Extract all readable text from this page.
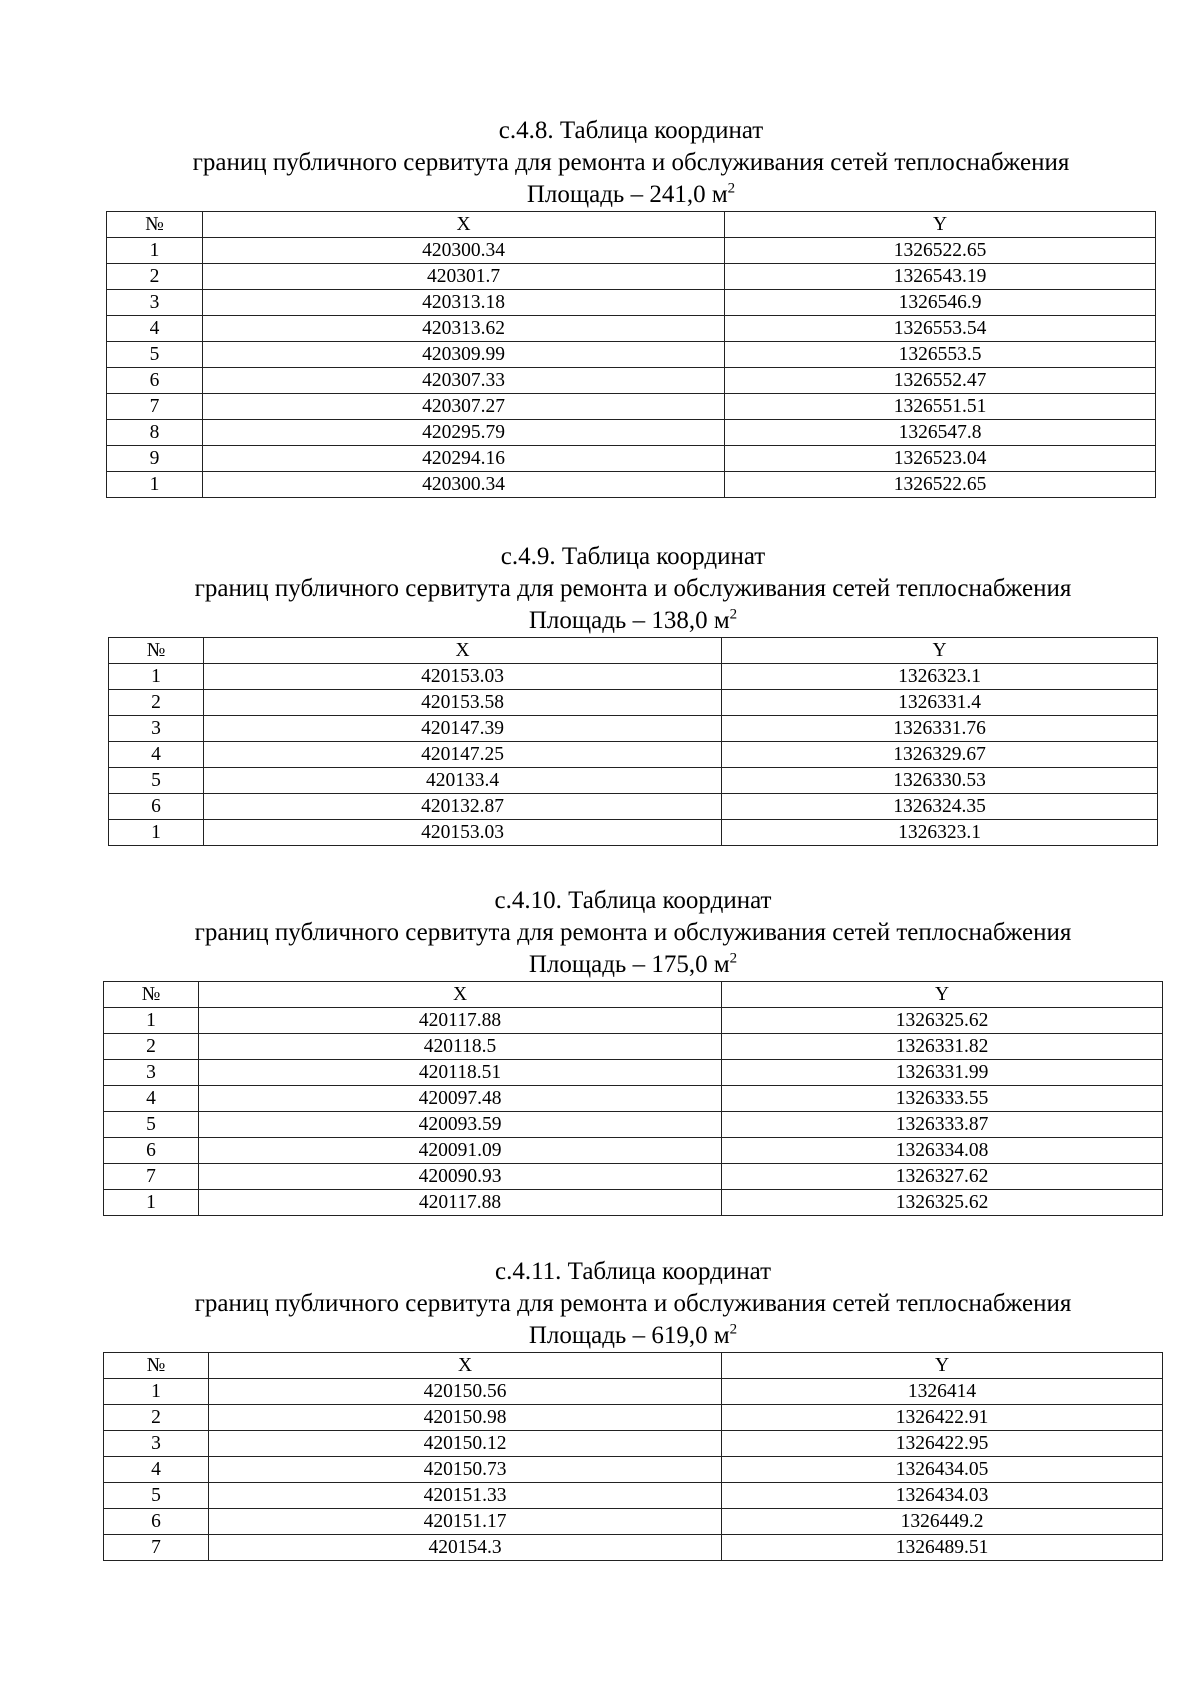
с.4.8. Таблица координат
границ публичного сервитута для ремонта и обслуживания сетей теплоснабжения
Площадь – 241,0 $м^2$
№	X	Y
1	420300.34	1326522.65
2	420301.7	1326543.19
3	420313.18	1326546.9
4	420313.62	1326553.54
5	420309.99	1326553.5
6	420307.33	1326552.47
7	420307.27	1326551.51
8	420295.79	1326547.8
9	420294.16	1326523.04
1	420300.34	1326522.65
с.4.9. Таблица координат
границ публичного сервитута для ремонта и обслуживания сетей теплоснабжения
Площадь – 138,0 $м^2$
№	X	Y
1	420153.03	1326323.1
2	420153.58	1326331.4
3	420147.39	1326331.76
4	420147.25	1326329.67
5	420133.4	1326330.53
6	420132.87	1326324.35
1	420153.03	1326323.1
с.4.10. Таблица координат
границ публичного сервитута для ремонта и обслуживания сетей теплоснабжения
Площадь – 175,0 $м^2$
№	X	Y
1	420117.88	1326325.62
2	420118.5	1326331.82
3	420118.51	1326331.99
4	420097.48	1326333.55
5	420093.59	1326333.87
6	420091.09	1326334.08
7	420090.93	1326327.62
1	420117.88	1326325.62
с.4.11. Таблица координат
границ публичного сервитута для ремонта и обслуживания сетей теплоснабжения
Площадь – 619,0 $м^2$
№	X	Y
1	420150.56	1326414
2	420150.98	1326422.91
3	420150.12	1326422.95
4	420150.73	1326434.05
5	420151.33	1326434.03
6	420151.17	1326449.2
7	420154.3	1326489.51
